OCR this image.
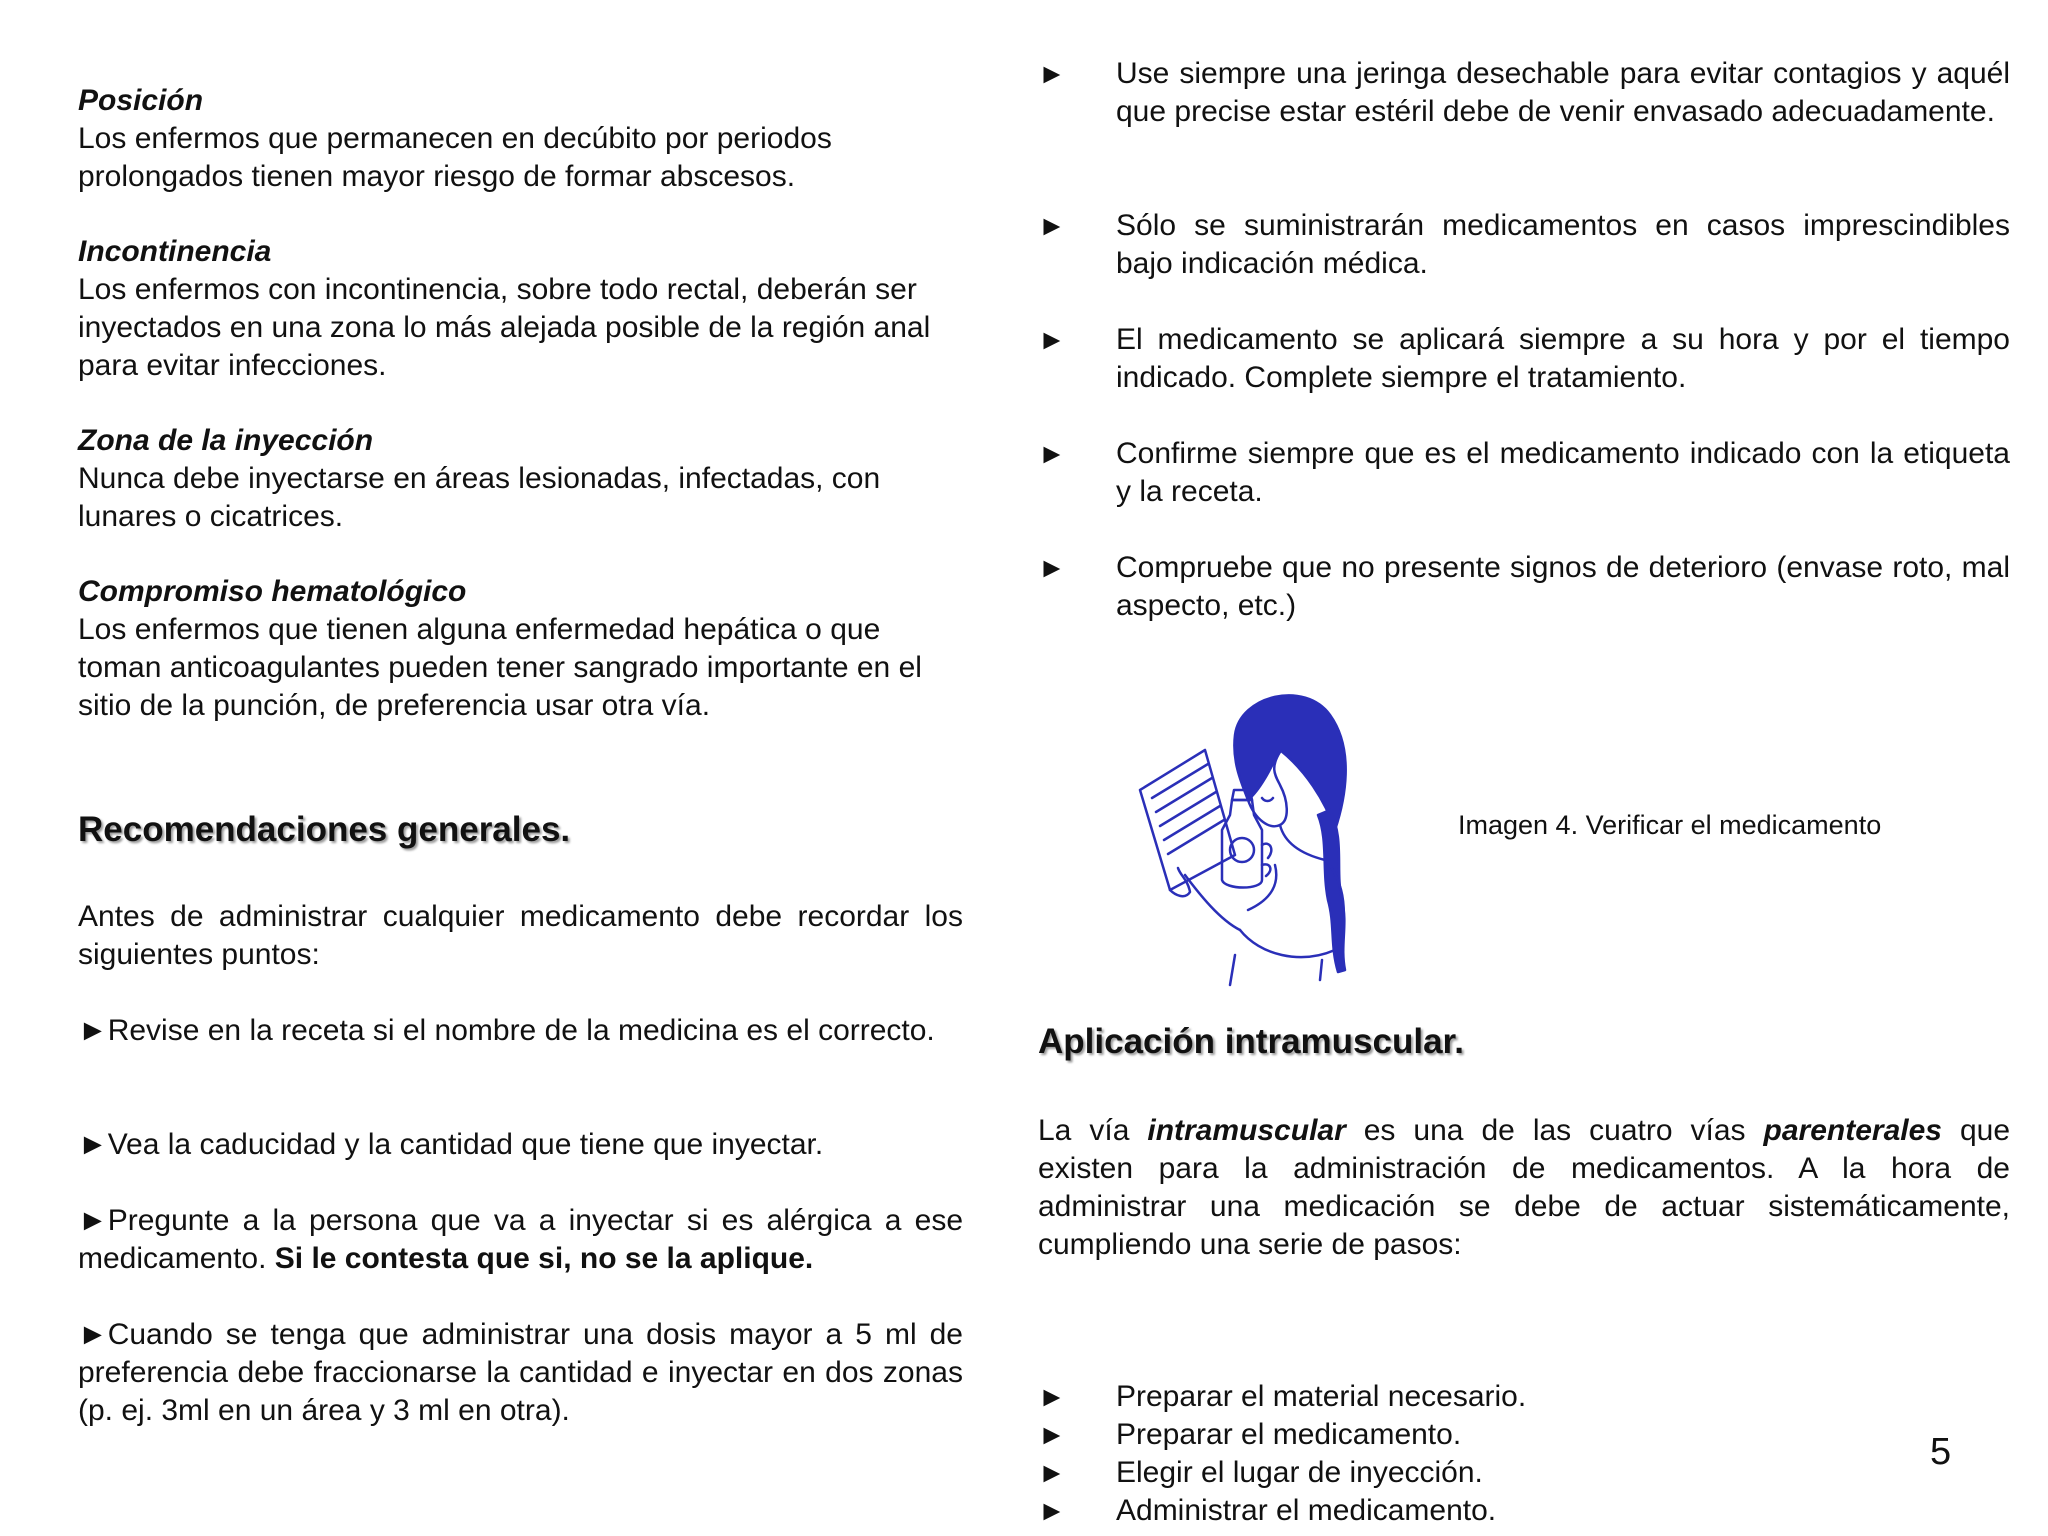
Posición

Los enfermos que permanecen en decúbito por periodos prolongados tienen mayor riesgo de formar abscesos.

Incontinencia

Los enfermos con incontinencia, sobre todo rectal, deberán ser inyectados en una zona lo más alejada posible de la región anal para evitar infecciones.

Zona de la inyección

Nunca debe inyectarse en áreas lesionadas, infectadas, con lunares o cicatrices.

Compromiso hematológico

Los enfermos que tienen alguna enfermedad hepática o que toman anticoagulantes pueden tener sangrado importante en el sitio de la punción, de preferencia usar otra vía.

Recomendaciones generales.

Antes de administrar cualquier medicamento debe recordar los siguientes puntos:

►Revise en la receta si el nombre de la medicina es el correcto.

►Vea la caducidad y la cantidad que tiene que inyectar.

►Pregunte a la persona que va a inyectar si es alérgica a ese medicamento. Si le contesta que si, no se la aplique.

►Cuando se tenga que administrar una dosis mayor a 5 ml de preferencia debe fraccionarse la cantidad e inyectar en dos zonas (p. ej. 3ml en un área y 3 ml en otra).

►	Use siempre una jeringa desechable para evitar contagios y aquél que precise estar estéril debe de venir envasado adecuadamente.
►	Sólo se suministrarán medicamentos en casos imprescindibles bajo indicación médica.
►	El medicamento se aplicará siempre a su hora y por el tiempo indicado. Complete siempre el tratamiento.
►	Confirme siempre que es el medicamento indicado con la etiqueta y la receta.
►	Compruebe que no presente signos de deterioro (envase roto, mal aspecto, etc.)
Aplicación intramuscular.

La vía intramuscular es una de las cuatro vías parenterales que existen para la administración de medicamentos. A la hora de administrar una medicación se debe de actuar sistemáticamente, cumpliendo una serie de pasos:

►	Preparar el material necesario.
►	Preparar el medicamento.
►	Elegir el lugar de inyección.
►	Administrar el medicamento.
Imagen 4. Verificar el medicamento
5
